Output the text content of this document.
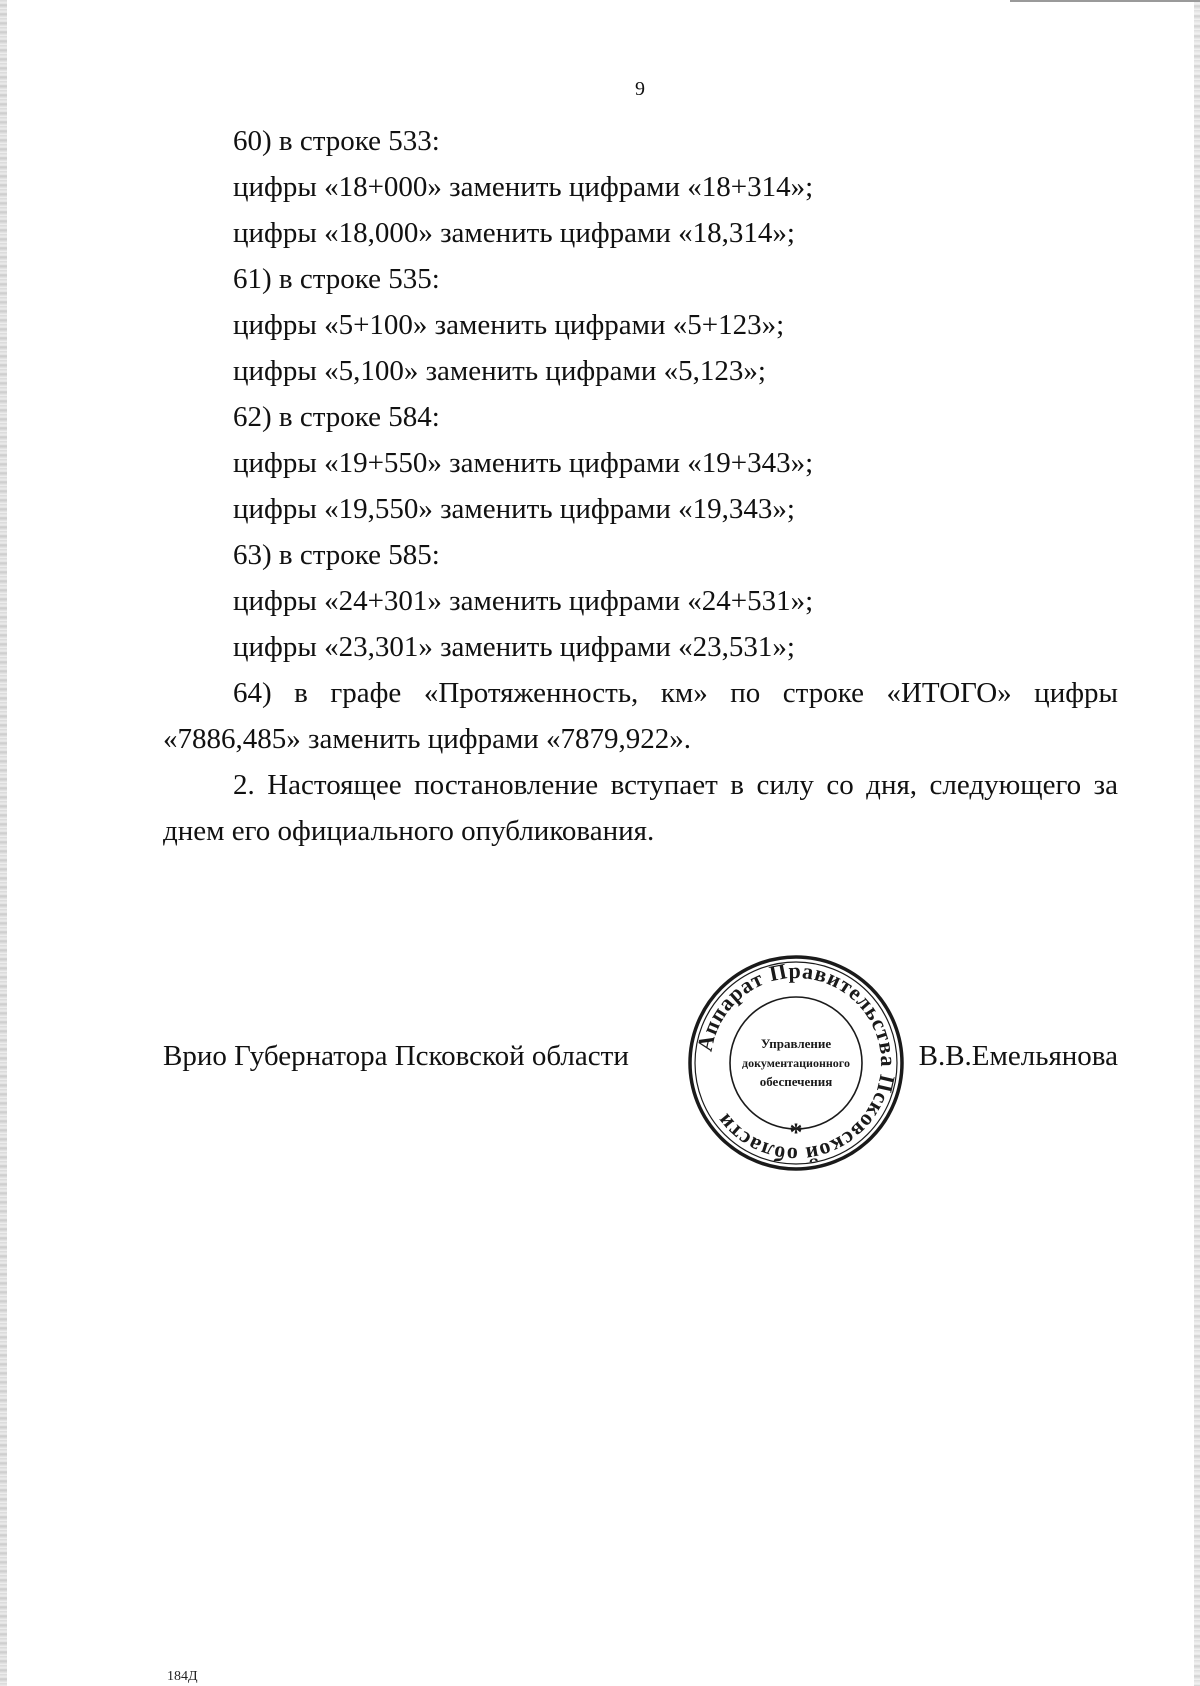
9

60) в строке 533:

цифры «18+000» заменить цифрами «18+314»;

цифры «18,000» заменить цифрами «18,314»;

61) в строке 535:

цифры «5+100» заменить цифрами «5+123»;

цифры «5,100» заменить цифрами «5,123»;

62) в строке 584:

цифры «19+550» заменить цифрами «19+343»;

цифры «19,550» заменить цифрами «19,343»;

63) в строке 585:

цифры «24+301» заменить цифрами «24+531»;

цифры «23,301» заменить цифрами «23,531»;

64) в графе «Протяженность, км» по строке «ИТОГО» цифры «7886,485» заменить цифрами «7879,922».

2. Настоящее постановление вступает в силу со дня, следующего за днем его официального опубликования.

Врио Губернатора Псковской области	В.В.Емельянова
Аппарат Правительства Псковской области	*
Управление
документационного
обеспечения
184Д
